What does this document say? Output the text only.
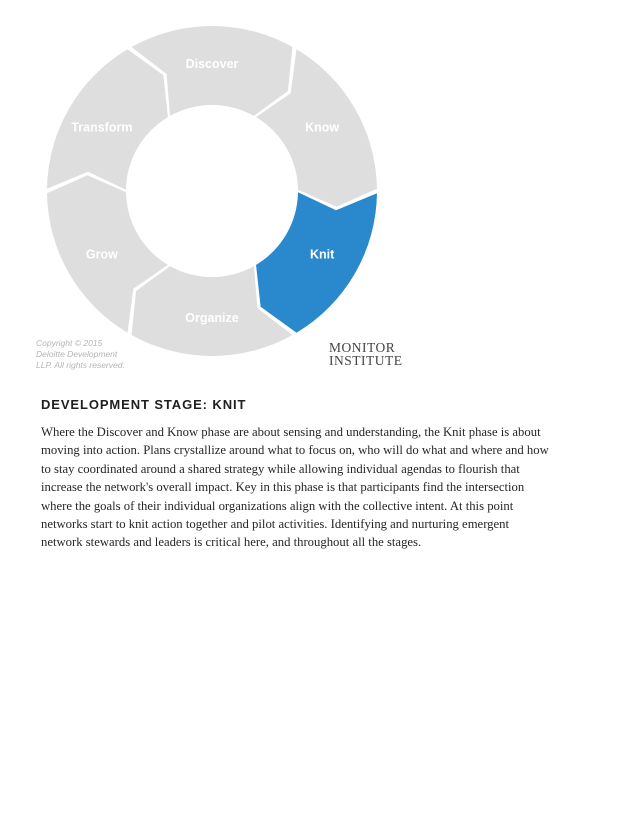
Discover
Know
Knit
Organize
Grow
Transform
Copyright © 2015
Deloitte Development
LLP. All rights reserved.
MONITOR
INSTITUTE
DEVELOPMENT STAGE: KNIT

Where the Discover and Know phase are about sensing and understanding, the Knit phase is about
moving into action. Plans crystallize around what to focus on, who will do what and where and how
to stay coordinated around a shared strategy while allowing individual agendas to flourish that
increase the network's overall impact. Key in this phase is that participants find the intersection
where the goals of their individual organizations align with the collective intent. At this point
networks start to knit action together and pilot activities. Identifying and nurturing emergent
network stewards and leaders is critical here, and throughout all the stages.
